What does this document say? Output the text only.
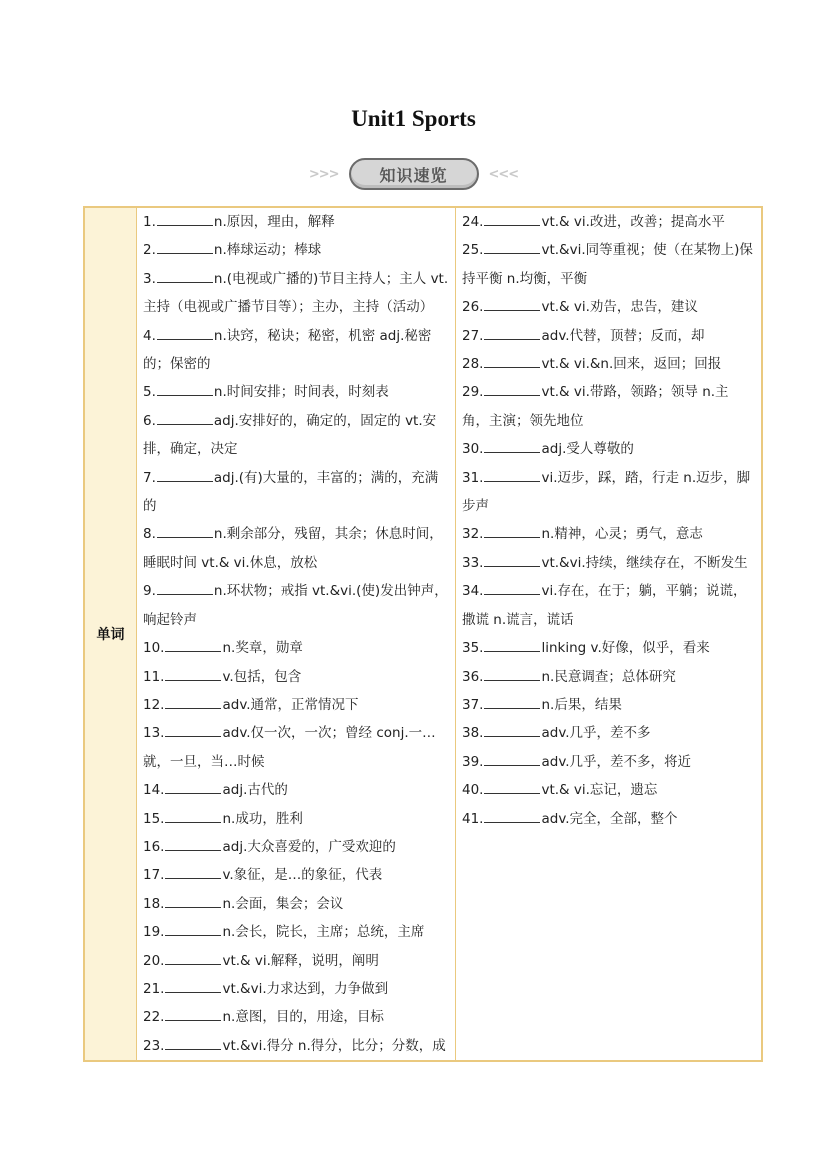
Unit1 Sports
>>>	知识速览	<<<
单词
1.	n.原因，理由，解释
2.	n.棒球运动；棒球
3.	n.(电视或广播的)节目主持人；主人 vt.主持（电视或广播节目等）；主办，主持（活动）
4.	n.诀窍，秘诀；秘密，机密 adj.秘密的；保密的
5.	n.时间安排；时间表，时刻表
6.	adj.安排好的，确定的，固定的 vt.安排，确定，决定
7.	adj.(有)大量的，丰富的；满的，充满的
8.	n.剩余部分，残留，其余；休息时间，睡眠时间 vt.& vi.休息，放松
9.	n.环状物；戒指 vt.&vi.(使)发出钟声，响起铃声
10.	n.奖章，勋章
11.	v.包括，包含
12.	adv.通常，正常情况下
13.	adv.仅一次，一次；曾经 conj.一…就，一旦，当…时候
14.	adj.古代的
15.	n.成功，胜利
16.	adj.大众喜爱的，广受欢迎的
17.	v.象征，是…的象征，代表
18.	n.会面，集会；会议
19.	n.会长，院长，主席；总统，主席
20.	vt.& vi.解释，说明，阐明
21.	vt.&vi.力求达到，力争做到
22.	n.意图，目的，用途，目标
23.	vt.&vi.得分 n.得分，比分；分数，成
24.	vt.& vi.改进，改善；提高水平
25.	vt.&vi.同等重视；使（在某物上)保持平衡 n.均衡，平衡
26.	vt.& vi.劝告，忠告，建议
27.	adv.代替，顶替；反而，却
28.	vt.& vi.&n.回来，返回；回报
29.	vt.& vi.带路，领路；领导 n.主角，主演；领先地位
30.	adj.受人尊敬的
31.	vi.迈步，踩，踏，行走 n.迈步，脚步声
32.	n.精神，心灵；勇气，意志
33.	vt.&vi.持续，继续存在，不断发生
34.	vi.存在，在于；躺，平躺；说谎，撒谎 n.谎言，谎话
35.	linking v.好像，似乎，看来
36.	n.民意调查；总体研究
37.	n.后果，结果
38.	adv.几乎，差不多
39.	adv.几乎，差不多，将近
40.	vt.& vi.忘记，遗忘
41.	adv.完全，全部，整个
